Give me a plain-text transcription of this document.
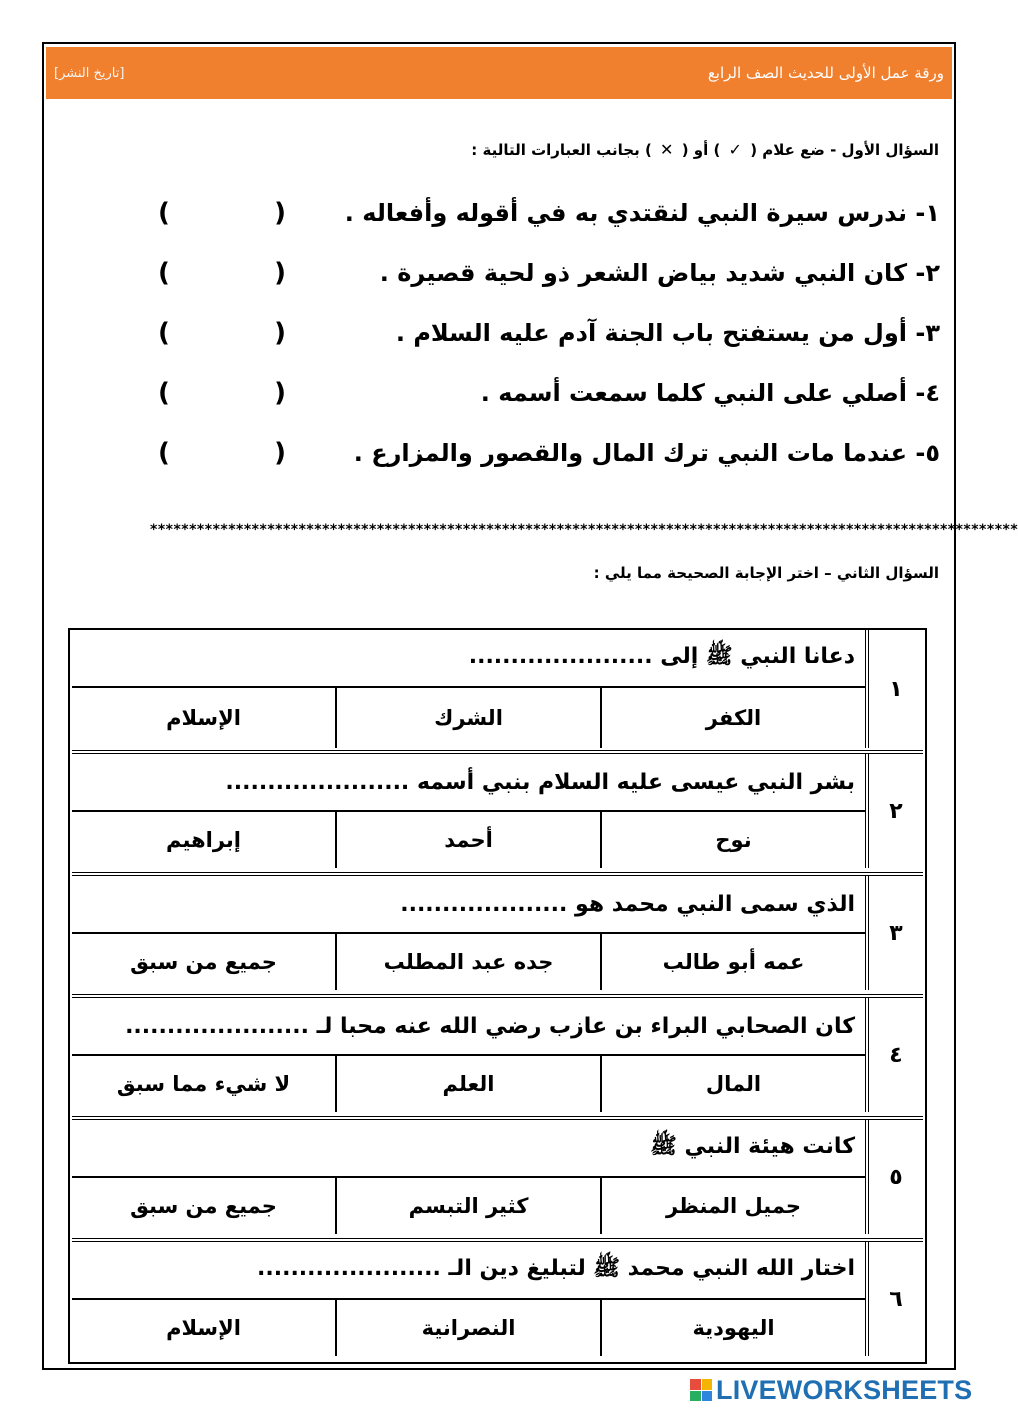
ورقة عمل الأولى للحديث الصف الرابع
[تاريخ النشر]
السؤال الأول - ضع علام ( ✓ ) أو ( ✕ ) بجانب العبارات التالية :
١- ندرس سيرة النبي لنقتدي به في أقوله وأفعاله .
(
)
٢- كان النبي شديد بياض الشعر ذو لحية قصيرة .
(
)
٣- أول من يستفتح باب الجنة آدم عليه السلام .
(
)
٤- أصلي على النبي كلما سمعت أسمه .
(
)
٥- عندما مات النبي ترك المال والقصور والمزارع .
(
)
***************************************************************************************************************
السؤال الثاني – اختر الإجابة الصحيحة مما يلي :
١
دعانا النبي ﷺ إلى ......................
الكفر
الشرك
الإسلام
٢
بشر النبي عيسى عليه السلام بنبي أسمه ......................
نوح
أحمد
إبراهيم
٣
الذي سمى النبي محمد هو ....................
عمه أبو طالب
جده عبد المطلب
جميع من سبق
٤
كان الصحابي البراء بن عازب رضي الله عنه محبا لـ ......................
المال
العلم
لا شيء مما سبق
٥
كانت هيئة النبي ﷺ
جميل المنظر
كثير التبسم
جميع من سبق
٦
اختار الله النبي محمد ﷺ لتبليغ دين الـ ......................
اليهودية
النصرانية
الإسلام
LIVEWORKSHEETS
